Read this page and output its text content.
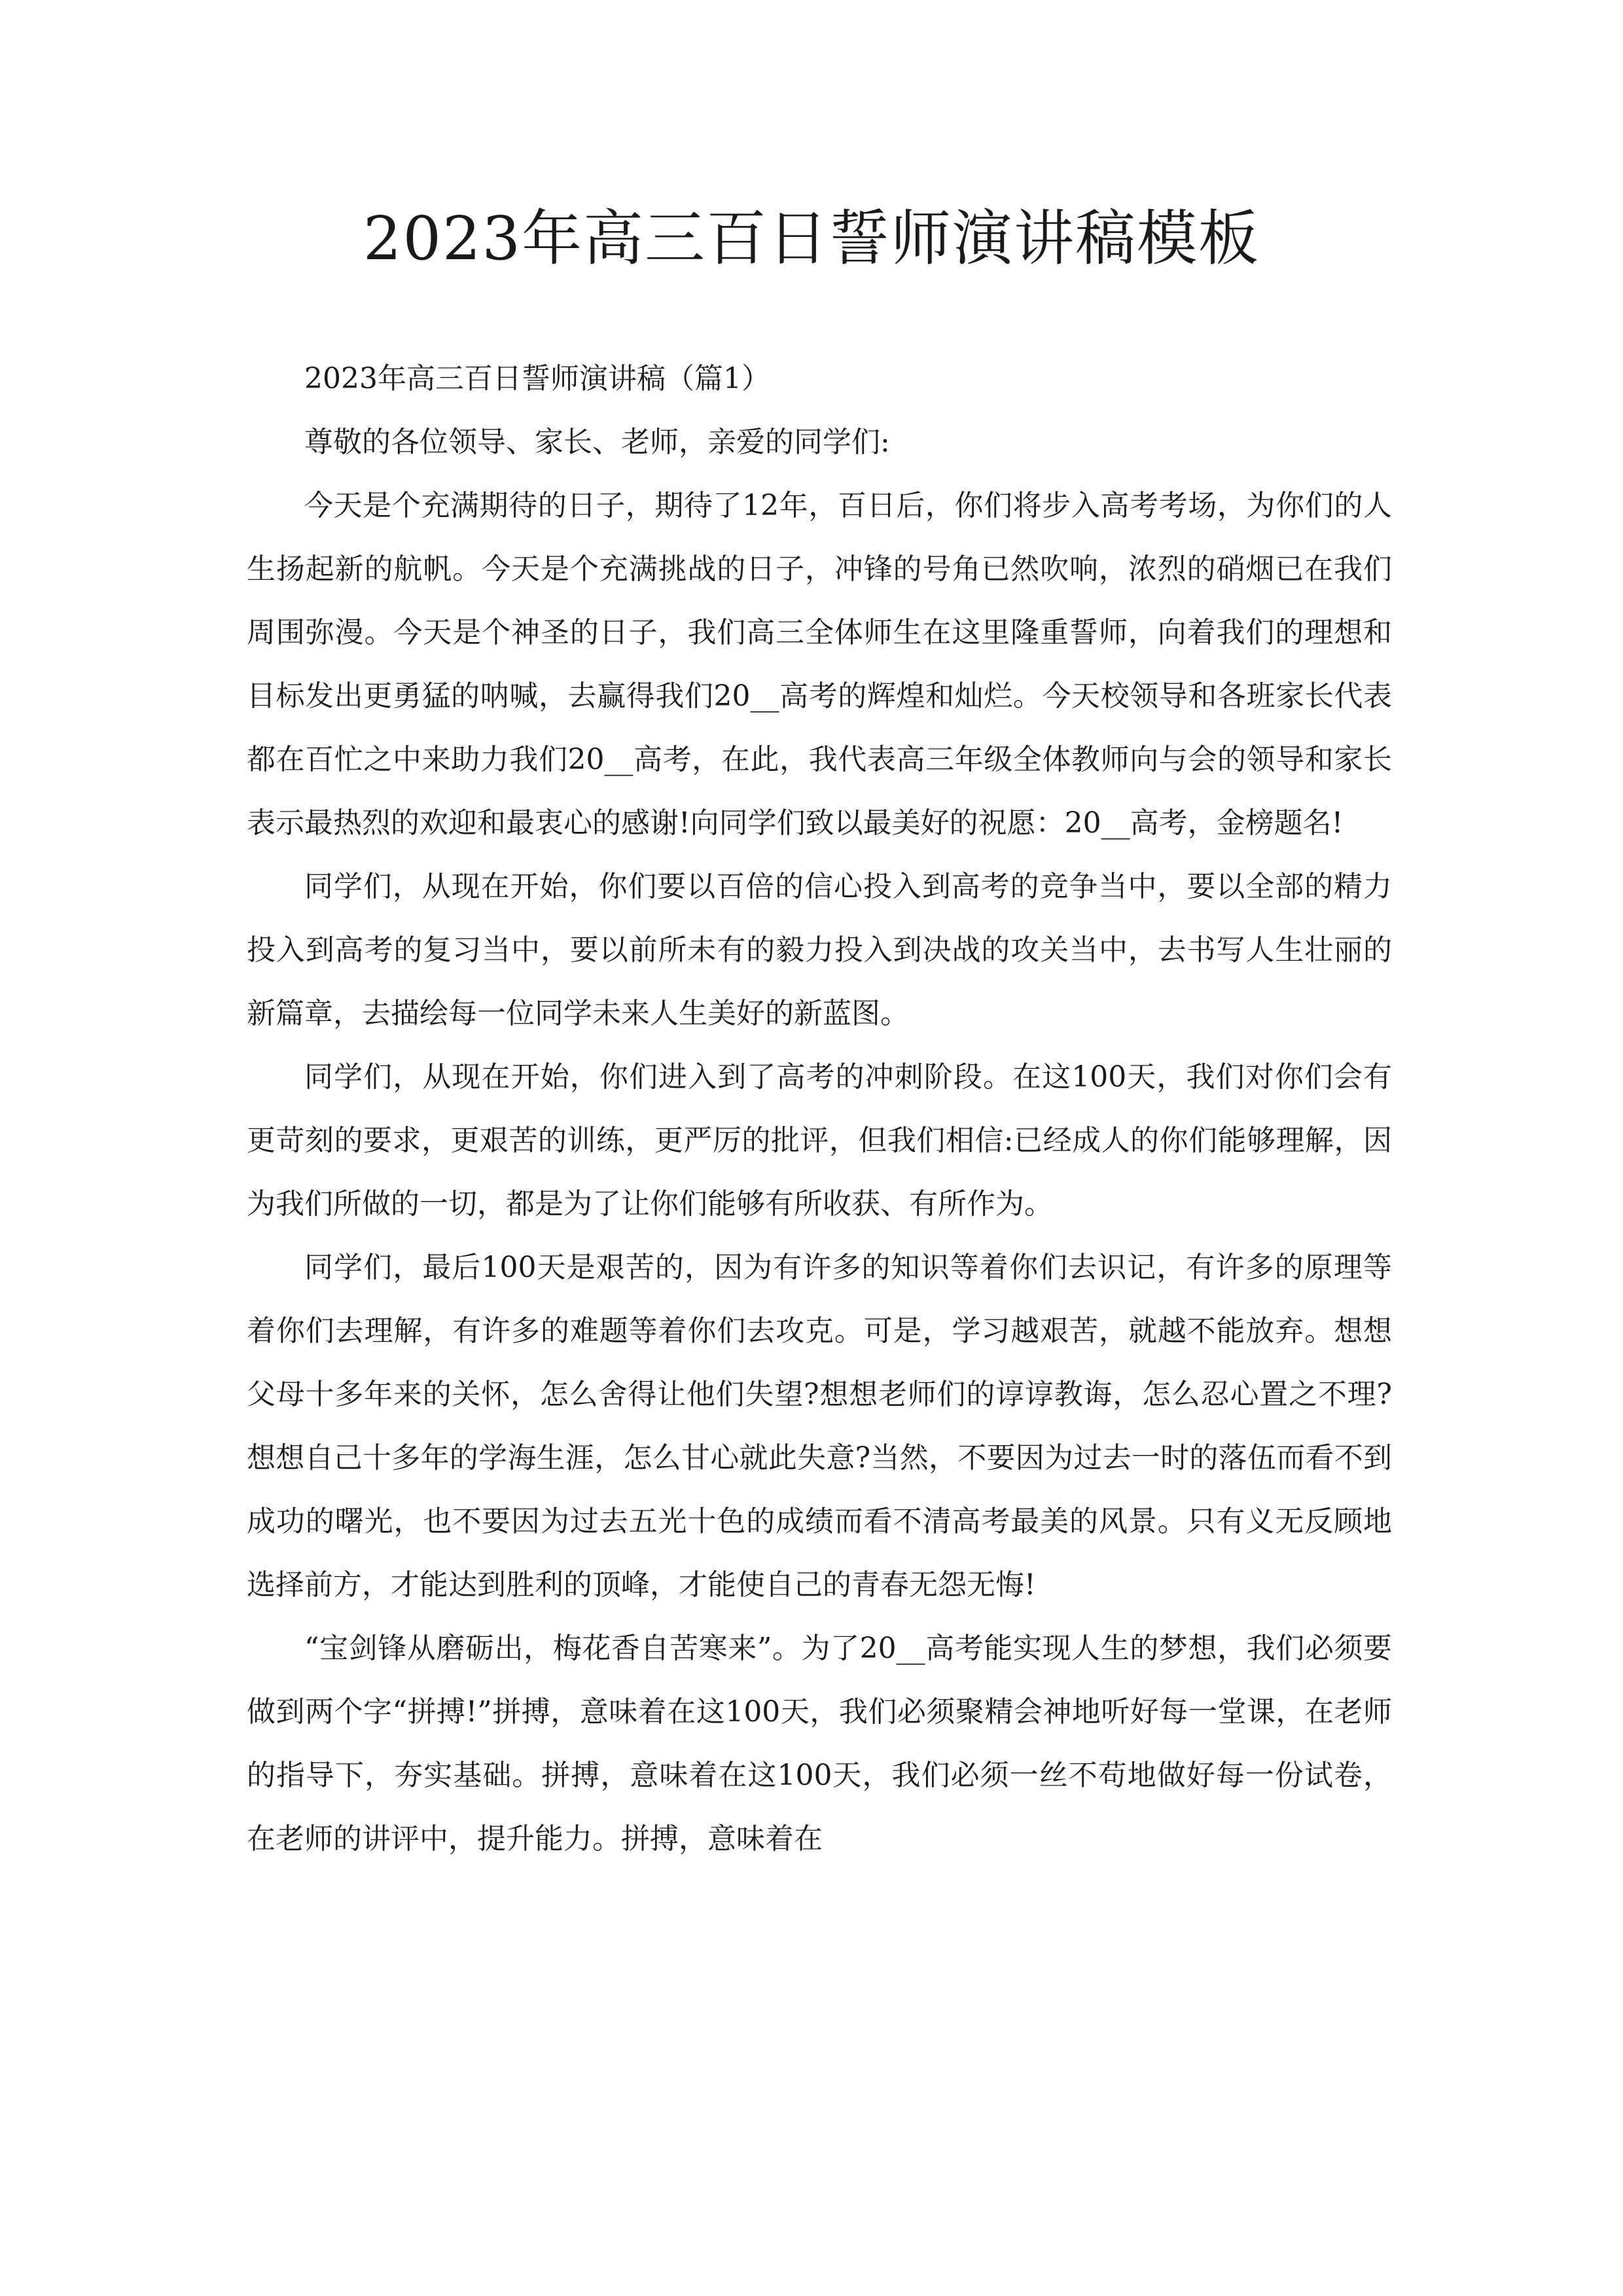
2023年高三百日誓师演讲稿模板

2023年高三百日誓师演讲稿（篇1）

尊敬的各位领导、家长、老师，亲爱的同学们:

今天是个充满期待的日子，期待了12年，百日后，你们将步入高考考场，为你们的人生扬起新的航帆。今天是个充满挑战的日子，冲锋的号角已然吹响，浓烈的硝烟已在我们周围弥漫。今天是个神圣的日子，我们高三全体师生在这里隆重誓师，向着我们的理想和目标发出更勇猛的呐喊，去赢得我们20__高考的辉煌和灿烂。今天校领导和各班家长代表都在百忙之中来助力我们20__高考，在此，我代表高三年级全体教师向与会的领导和家长表示最热烈的欢迎和最衷心的感谢!向同学们致以最美好的祝愿：20__高考，金榜题名!

同学们，从现在开始，你们要以百倍的信心投入到高考的竞争当中，要以全部的精力投入到高考的复习当中，要以前所未有的毅力投入到决战的攻关当中，去书写人生壮丽的新篇章，去描绘每一位同学未来人生美好的新蓝图。

同学们，从现在开始，你们进入到了高考的冲刺阶段。在这100天，我们对你们会有更苛刻的要求，更艰苦的训练，更严厉的批评，但我们相信:已经成人的你们能够理解，因为我们所做的一切，都是为了让你们能够有所收获、有所作为。

同学们，最后100天是艰苦的，因为有许多的知识等着你们去识记，有许多的原理等着你们去理解，有许多的难题等着你们去攻克。可是，学习越艰苦，就越不能放弃。想想父母十多年来的关怀，怎么舍得让他们失望?想想老师们的谆谆教诲，怎么忍心置之不理?想想自己十多年的学海生涯，怎么甘心就此失意?当然，不要因为过去一时的落伍而看不到成功的曙光，也不要因为过去五光十色的成绩而看不清高考最美的风景。只有义无反顾地选择前方，才能达到胜利的顶峰，才能使自己的青春无怨无悔!

“宝剑锋从磨砺出，梅花香自苦寒来”。为了20__高考能实现人生的梦想，我们必须要做到两个字“拼搏!”拼搏，意味着在这100天，我们必须聚精会神地听好每一堂课，在老师的指导下，夯实基础。拼搏，意味着在这100天，我们必须一丝不苟地做好每一份试卷，在老师的讲评中，提升能力。拼搏，意味着在
